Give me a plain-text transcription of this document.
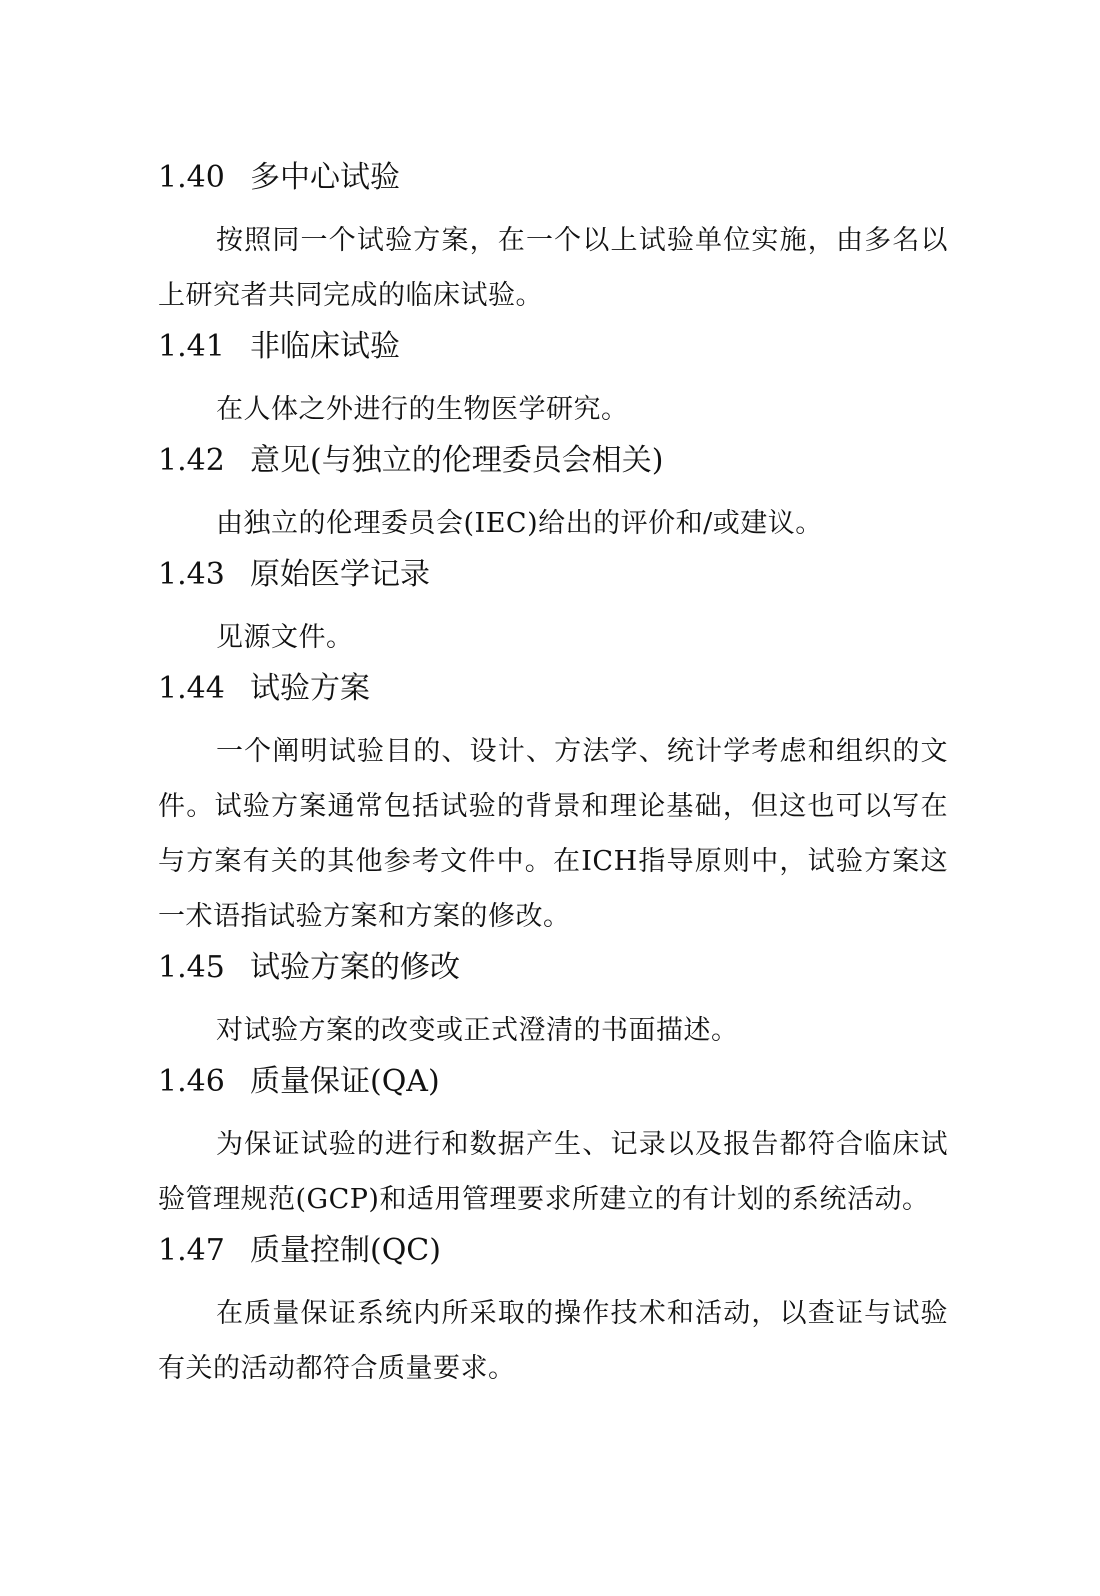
1.40 多中心试验

按照同一个试验方案，在一个以上试验单位实施，由多名以上研究者共同完成的临床试验。

1.41 非临床试验

在人体之外进行的生物医学研究。

1.42 意见(与独立的伦理委员会相关)

由独立的伦理委员会(IEC)给出的评价和/或建议。

1.43 原始医学记录

见源文件。

1.44 试验方案

一个阐明试验目的、设计、方法学、统计学考虑和组织的文件。试验方案通常包括试验的背景和理论基础，但这也可以写在与方案有关的其他参考文件中。在ICH指导原则中，试验方案这一术语指试验方案和方案的修改。

1.45 试验方案的修改

对试验方案的改变或正式澄清的书面描述。

1.46 质量保证(QA)

为保证试验的进行和数据产生、记录以及报告都符合临床试验管理规范(GCP)和适用管理要求所建立的有计划的系统活动。

1.47 质量控制(QC)

在质量保证系统内所采取的操作技术和活动，以查证与试验有关的活动都符合质量要求。
